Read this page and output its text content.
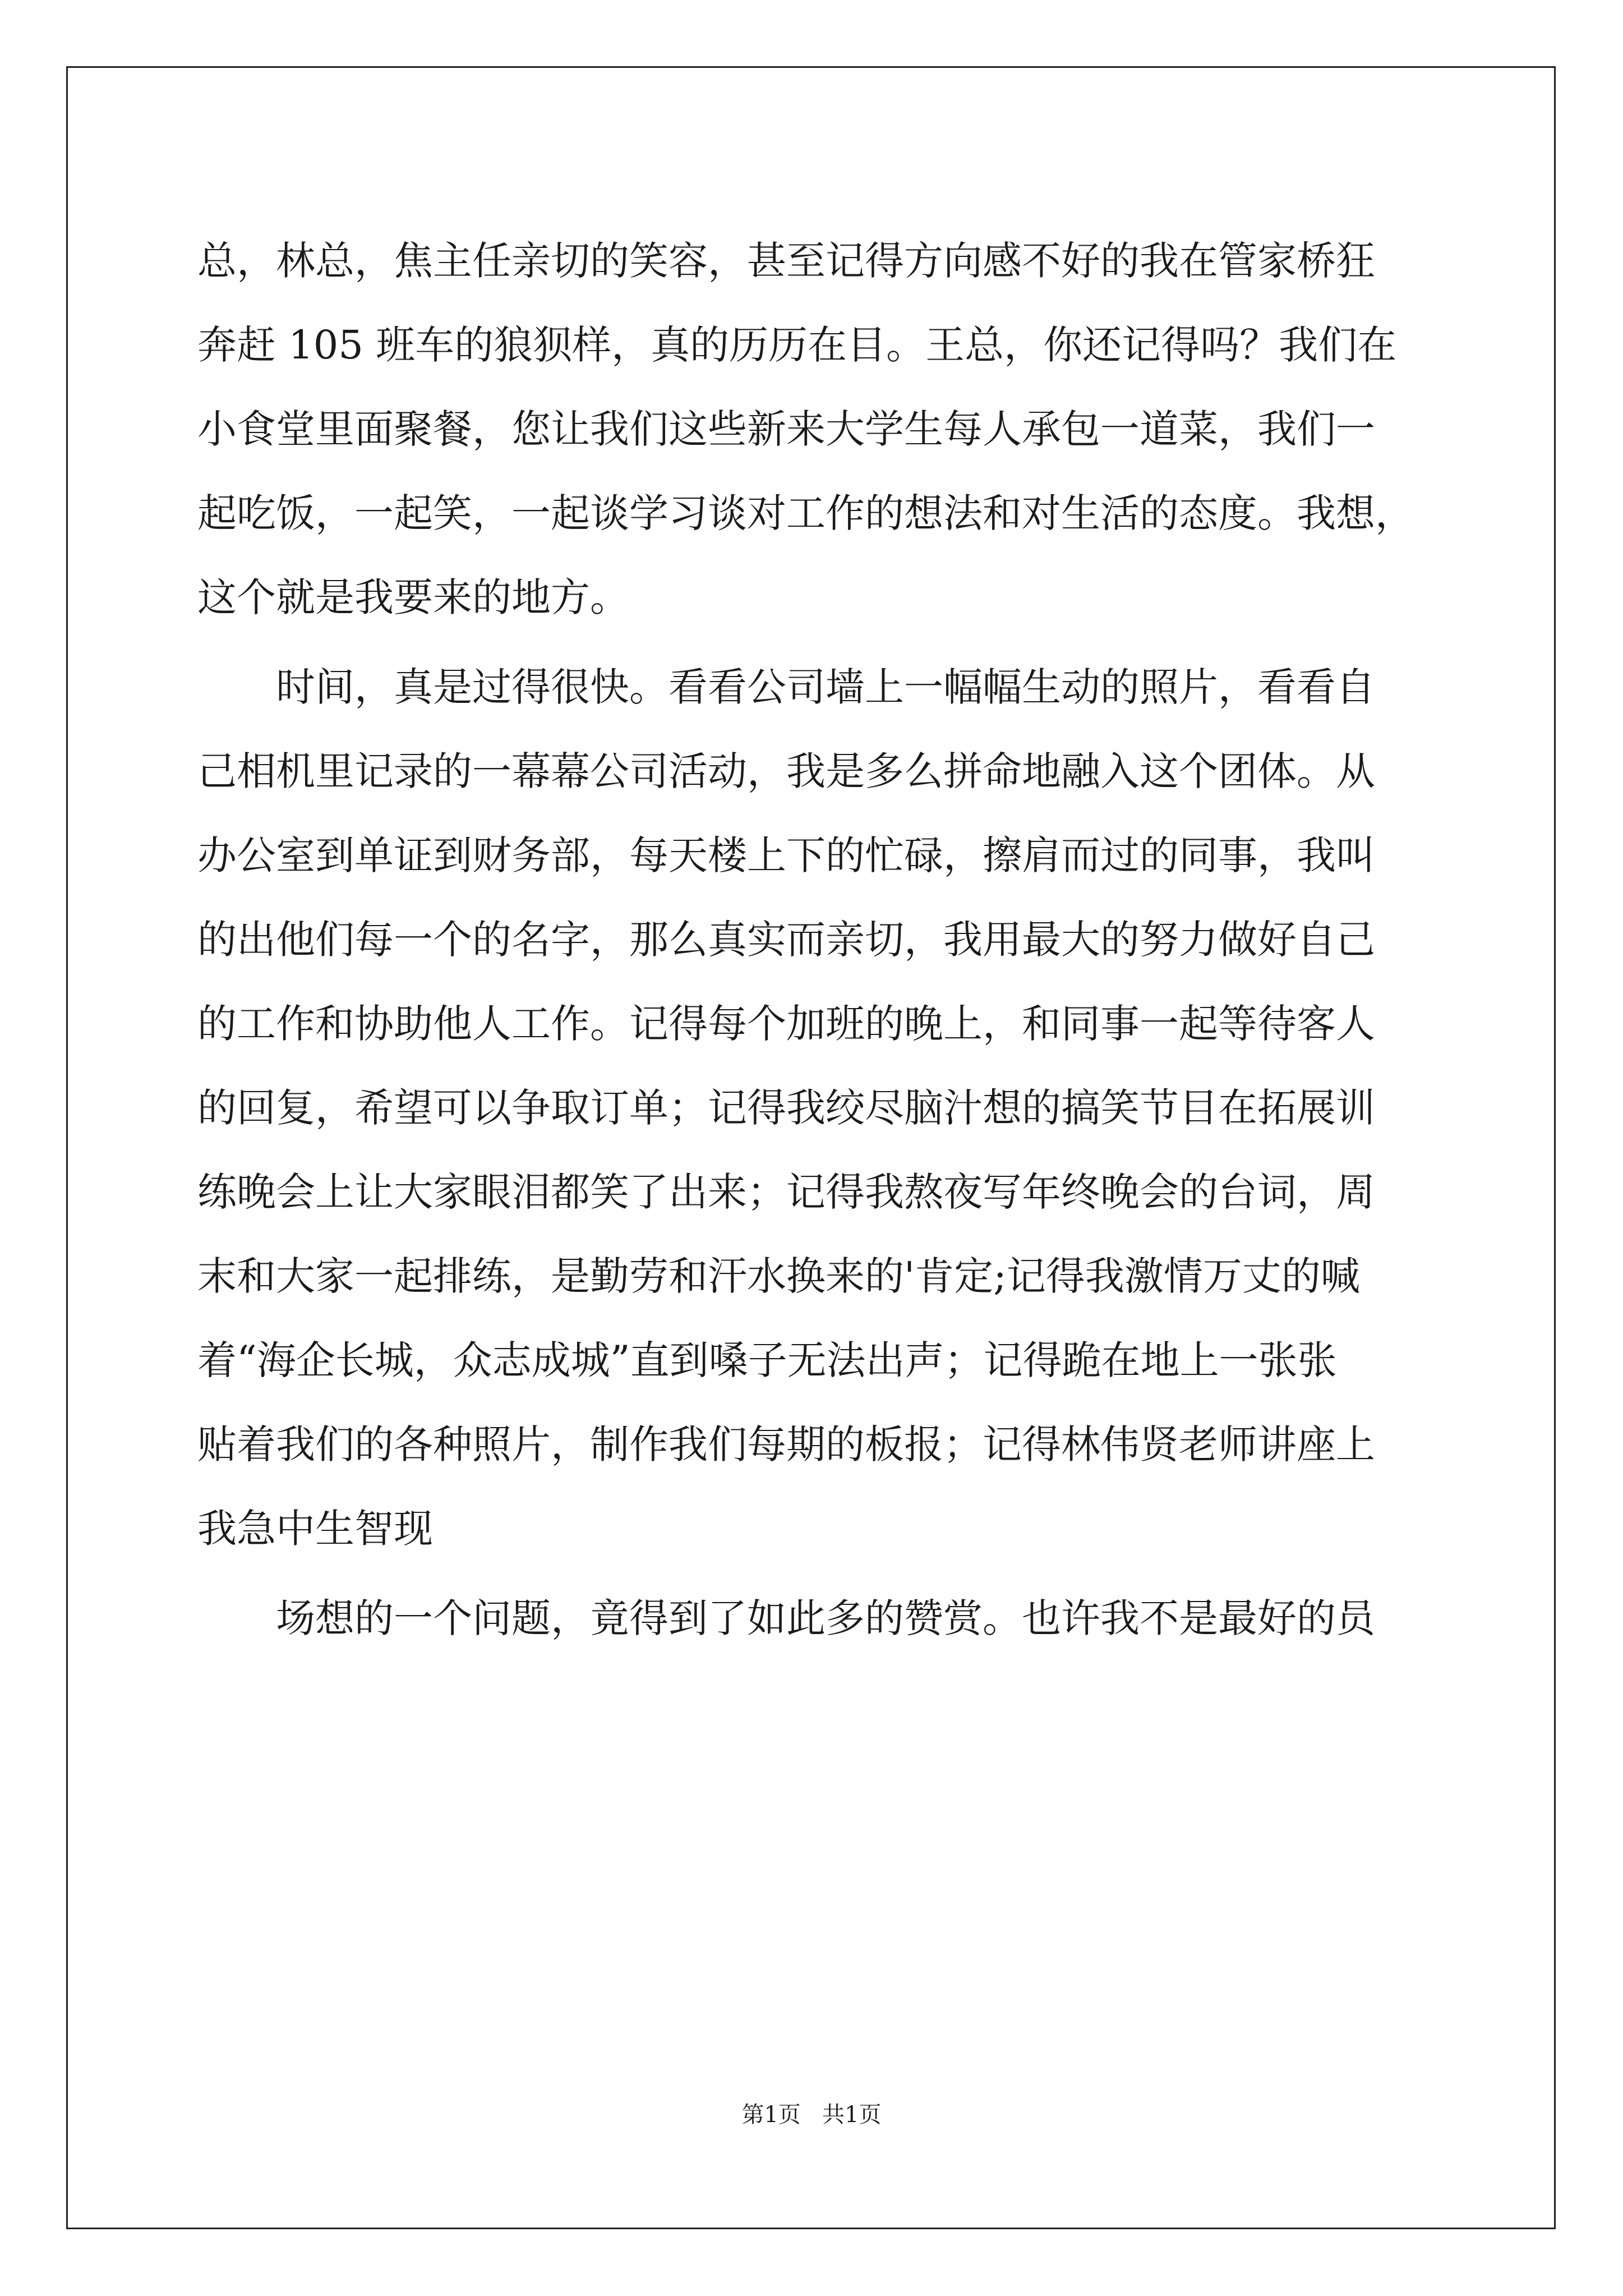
总，林总，焦主任亲切的笑容，甚至记得方向感不好的我在管家桥狂
奔赶 105 班车的狼狈样，真的历历在目。王总，你还记得吗？我们在
小食堂里面聚餐，您让我们这些新来大学生每人承包一道菜，我们一
起吃饭，一起笑，一起谈学习谈对工作的想法和对生活的态度。我想，
这个就是我要来的地方。
　　时间，真是过得很快。看看公司墙上一幅幅生动的照片，看看自
己相机里记录的一幕幕公司活动，我是多么拼命地融入这个团体。从
办公室到单证到财务部，每天楼上下的忙碌，擦肩而过的同事，我叫
的出他们每一个的名字，那么真实而亲切，我用最大的努力做好自己
的工作和协助他人工作。记得每个加班的晚上，和同事一起等待客人
的回复，希望可以争取订单；记得我绞尽脑汁想的搞笑节目在拓展训
练晚会上让大家眼泪都笑了出来；记得我熬夜写年终晚会的台词，周
末和大家一起排练，是勤劳和汗水换来的'肯定;记得我激情万丈的喊
着“海企长城，众志成城”直到嗓子无法出声；记得跪在地上一张张
贴着我们的各种照片，制作我们每期的板报；记得林伟贤老师讲座上
我急中生智现
　　场想的一个问题，竟得到了如此多的赞赏。也许我不是最好的员
第1页   共1页
